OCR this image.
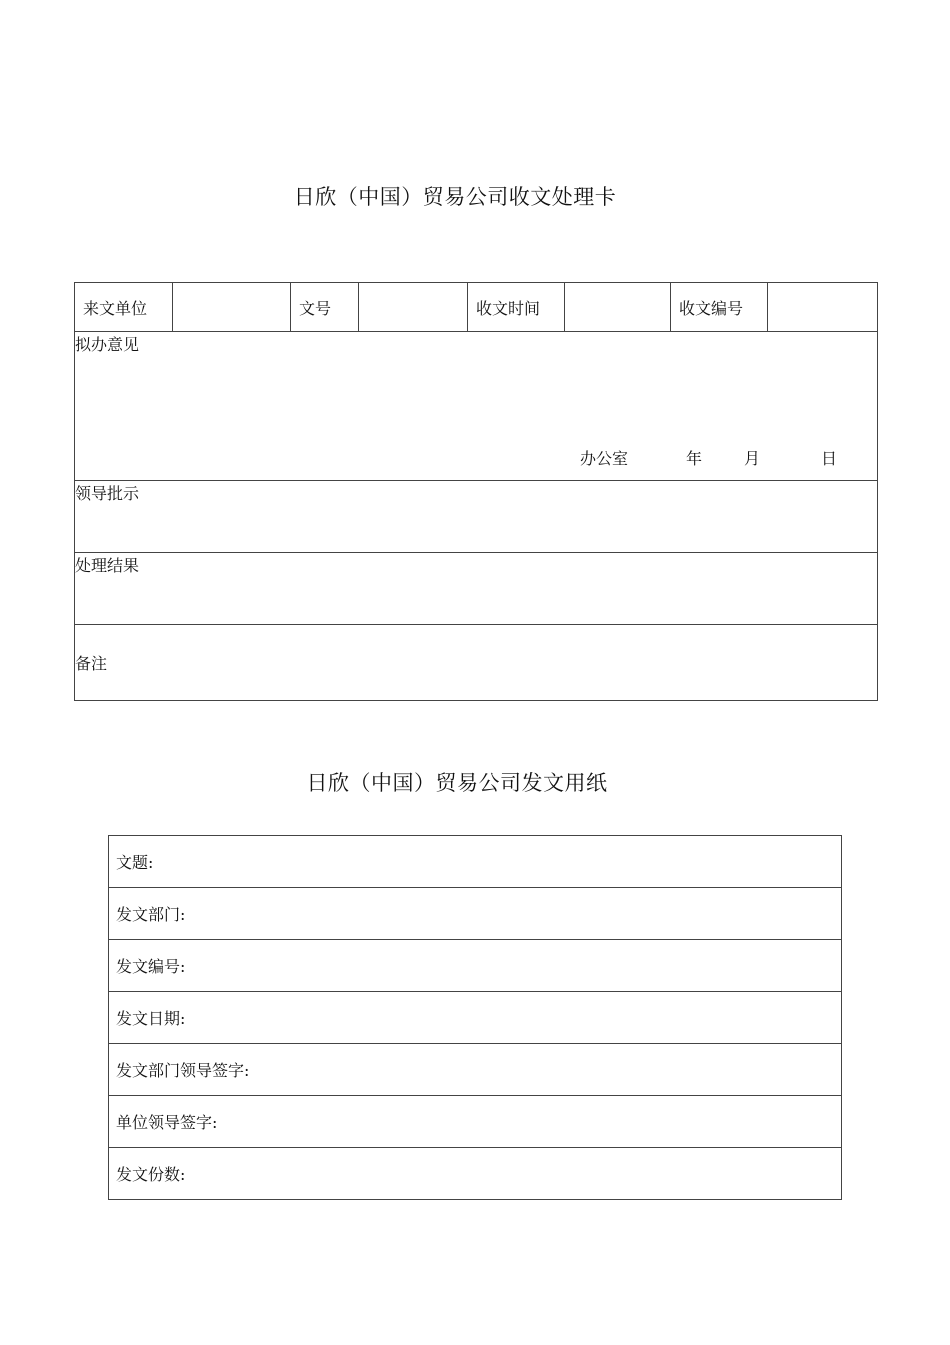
日欣（中国）贸易公司收文处理卡
来文单位		文号		收文时间		收文编号	
拟办意见
办公室	年	月	日

领导批示
处理结果

备注
日欣（中国）贸易公司发文用纸
文题:
发文部门:
发文编号:
发文日期:
发文部门领导签字:
单位领导签字:
发文份数:
